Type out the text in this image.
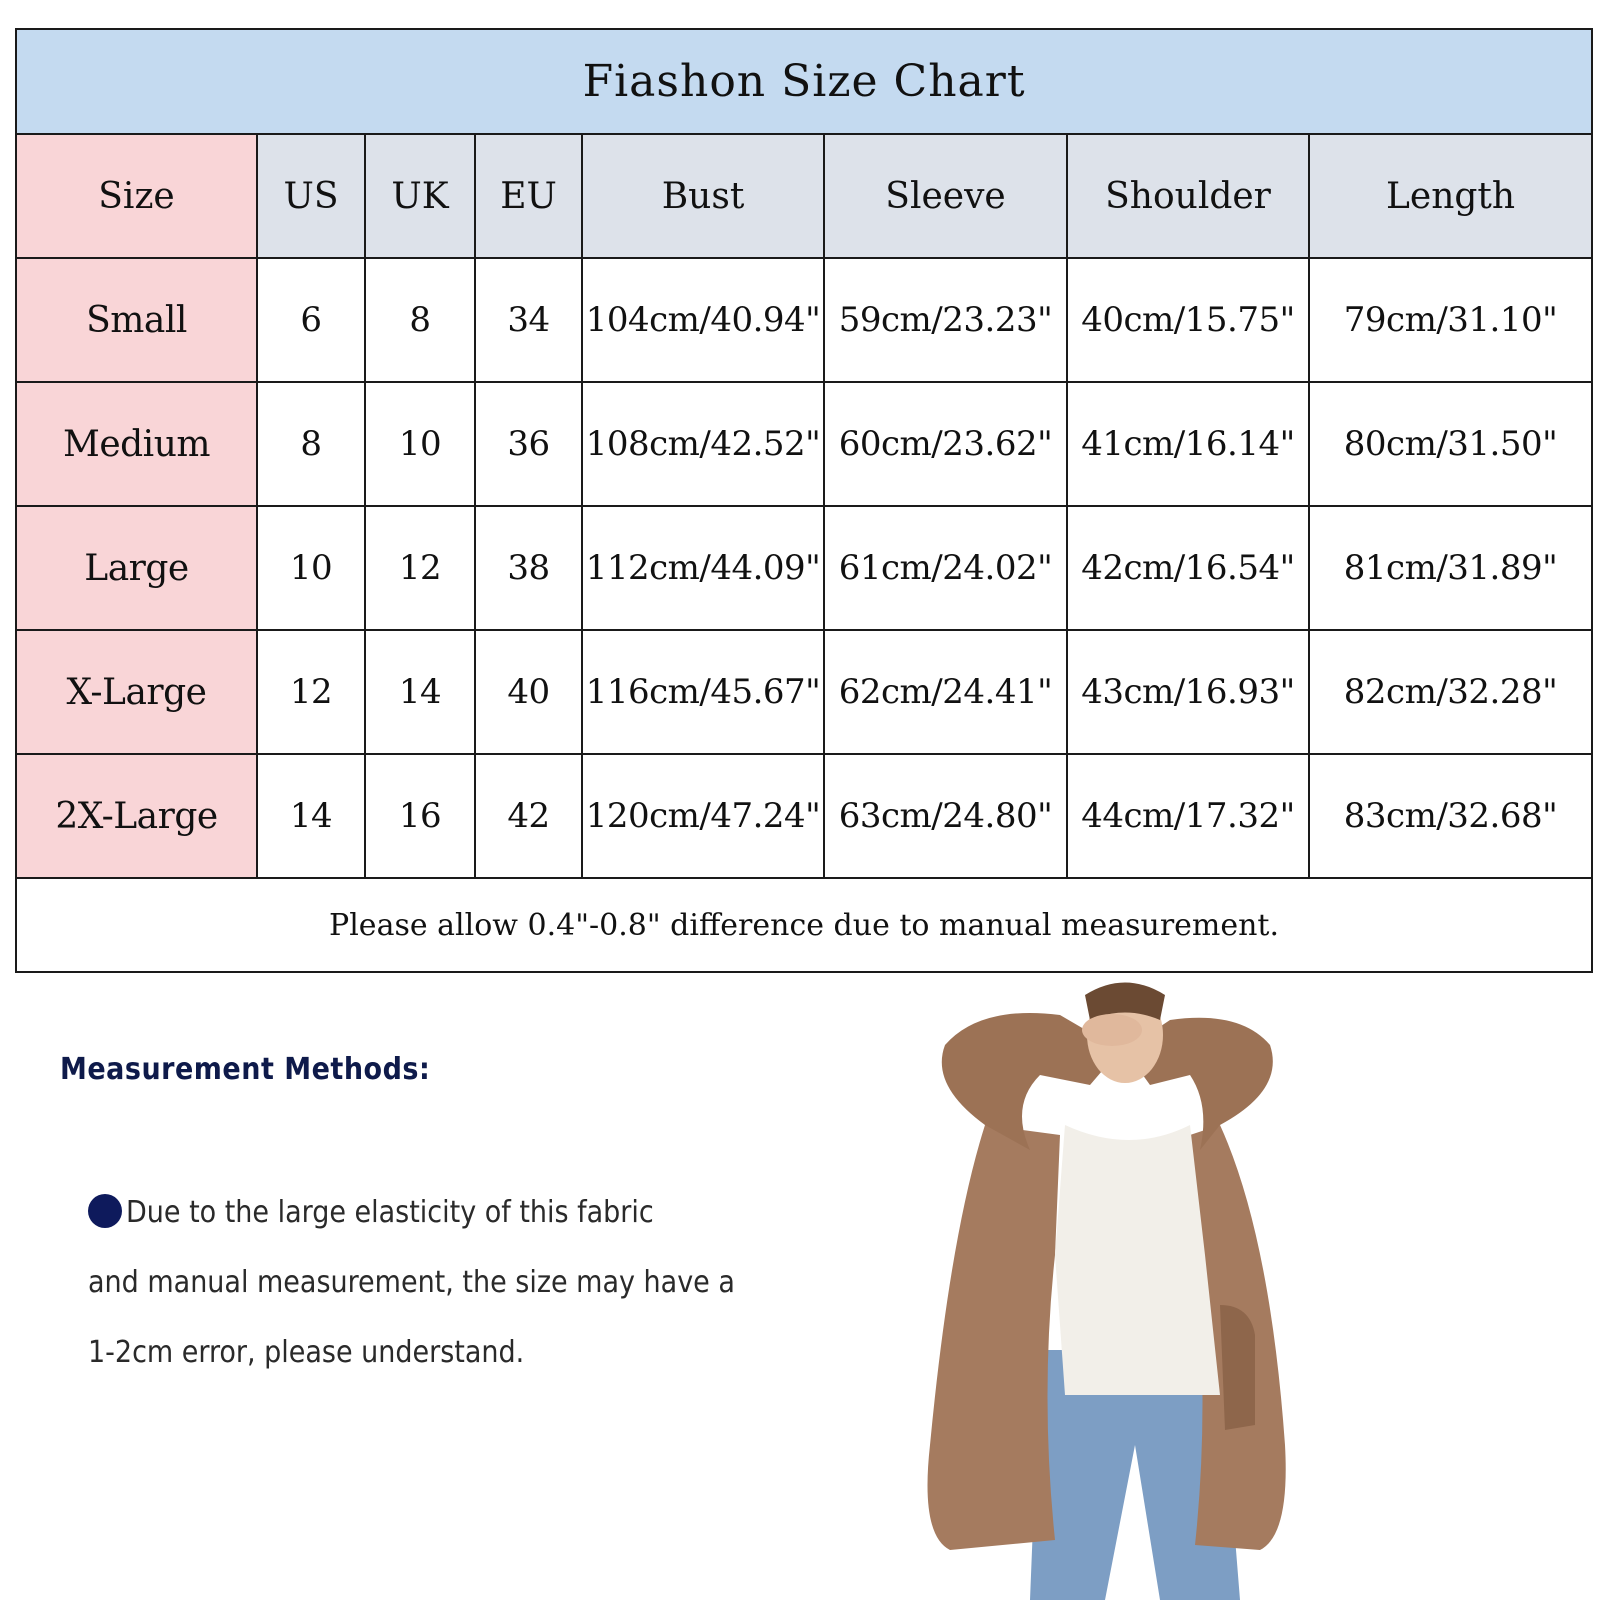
Fiashon Size Chart							
Size	US	UK	EU	Bust	Sleeve	Shoulder	Length
Small	6	8	34	104cm/40.94"	59cm/23.23"	40cm/15.75"	79cm/31.10"
Medium	8	10	36	108cm/42.52"	60cm/23.62"	41cm/16.14"	80cm/31.50"
Large	10	12	38	112cm/44.09"	61cm/24.02"	42cm/16.54"	81cm/31.89"
X-Large	12	14	40	116cm/45.67"	62cm/24.41"	43cm/16.93"	82cm/32.28"
2X-Large	14	16	42	120cm/47.24"	63cm/24.80"	44cm/17.32"	83cm/32.68"
Please allow 0.4"-0.8" difference due to manual measurement.							

Measurement Methods:

Due to the large elasticity of this fabric
and manual measurement, the size may have a
1-2cm error, please understand.
